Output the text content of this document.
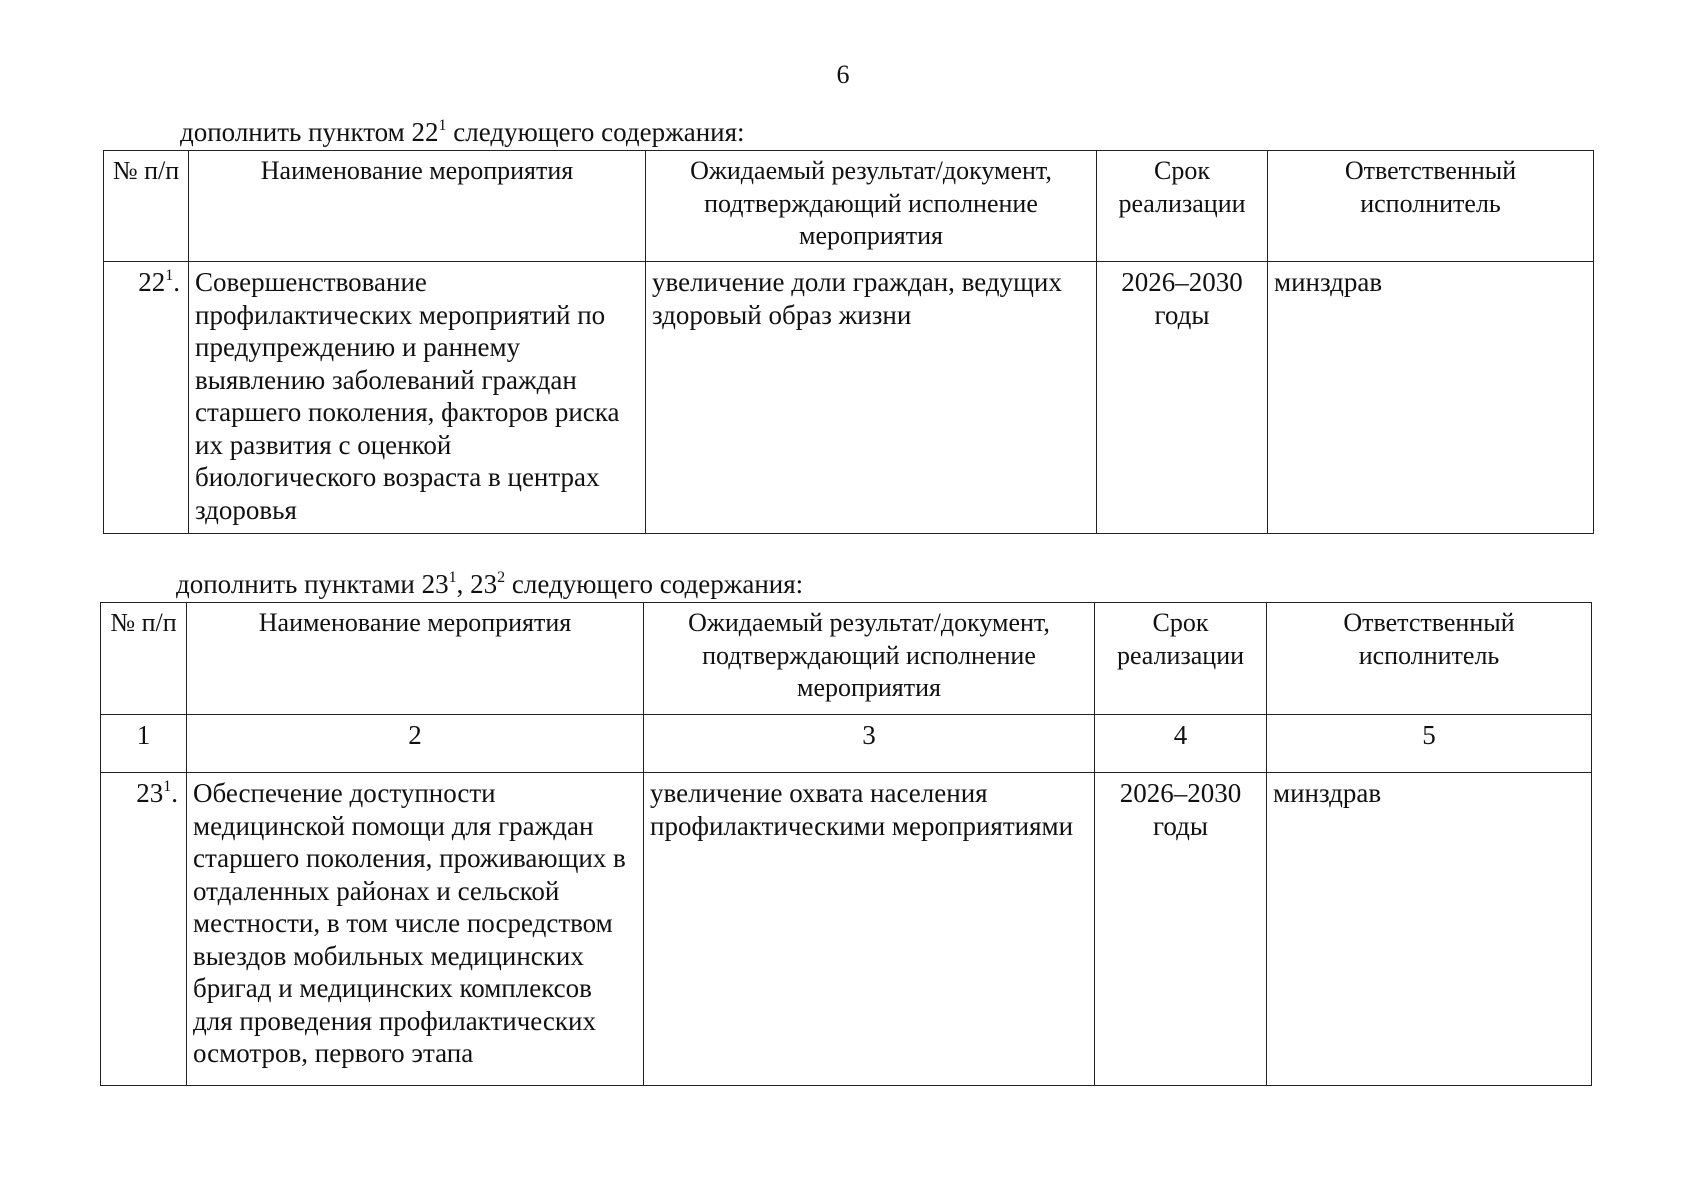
6
дополнить пунктом $22^1$ следующего содержания:
№ п/п	Наименование мероприятия	Ожидаемый результат/документ, подтверждающий исполнение мероприятия	Срок реализации	Ответственный исполнитель
$22^1$.	Совершенствование профилактических мероприятий по предупреждению и раннему выявлению заболеваний граждан старшего поколения, факторов риска их развития с оценкой биологического возраста в центрах здоровья	увеличение доли граждан, ведущих здоровый образ жизни	2026–2030 годы	минздрав
дополнить пунктами $23^1$, $23^2$ следующего содержания:
№ п/п	Наименование мероприятия	Ожидаемый результат/документ, подтверждающий исполнение мероприятия	Срок реализации	Ответственный исполнитель
1	2	3	4	5
$23^1$.	Обеспечение доступности медицинской помощи для граждан старшего поколения, проживающих в отдаленных районах и сельской местности, в том числе посредством выездов мобильных медицинских бригад и медицинских комплексов для проведения профилактических осмотров, первого этапа	увеличение охвата населения профилактическими мероприятиями	2026–2030 годы	минздрав
